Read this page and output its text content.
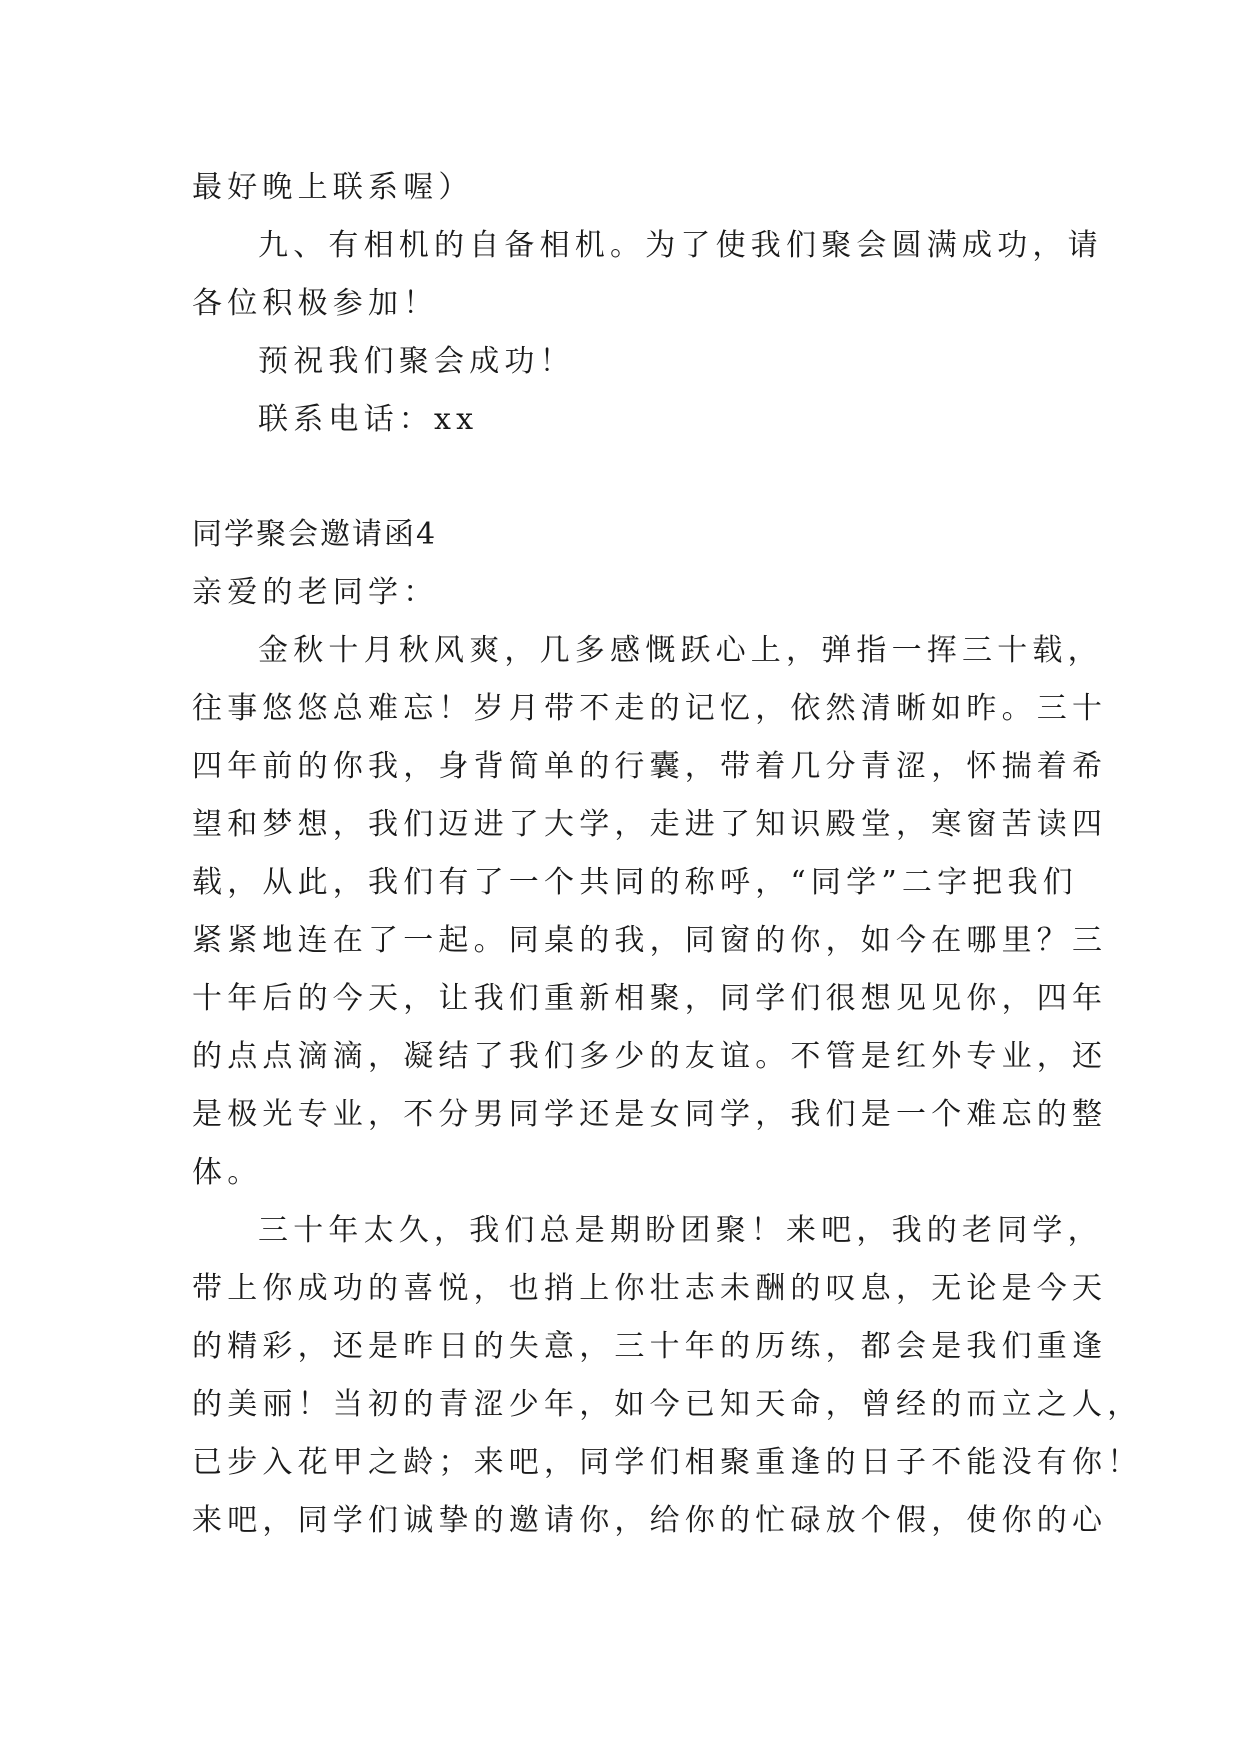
最好晚上联系喔）
九、有相机的自备相机。为了使我们聚会圆满成功，请
各位积极参加！
预祝我们聚会成功！
联系电话：xx
同学聚会邀请函4
亲爱的老同学：
金秋十月秋风爽，几多感慨跃心上，弹指一挥三十载，
往事悠悠总难忘！岁月带不走的记忆，依然清晰如昨。三十
四年前的你我，身背简单的行囊，带着几分青涩，怀揣着希
望和梦想，我们迈进了大学，走进了知识殿堂，寒窗苦读四
载，从此，我们有了一个共同的称呼，“同学”二字把我们
紧紧地连在了一起。同桌的我，同窗的你，如今在哪里？三
十年后的今天，让我们重新相聚，同学们很想见见你，四年
的点点滴滴，凝结了我们多少的友谊。不管是红外专业，还
是极光专业，不分男同学还是女同学，我们是一个难忘的整
体。
三十年太久，我们总是期盼团聚！来吧，我的老同学，
带上你成功的喜悦，也捎上你壮志未酬的叹息，无论是今天
的精彩，还是昨日的失意，三十年的历练，都会是我们重逢
的美丽！当初的青涩少年，如今已知天命，曾经的而立之人，
已步入花甲之龄；来吧，同学们相聚重逢的日子不能没有你！
来吧，同学们诚挚的邀请你，给你的忙碌放个假，使你的心
